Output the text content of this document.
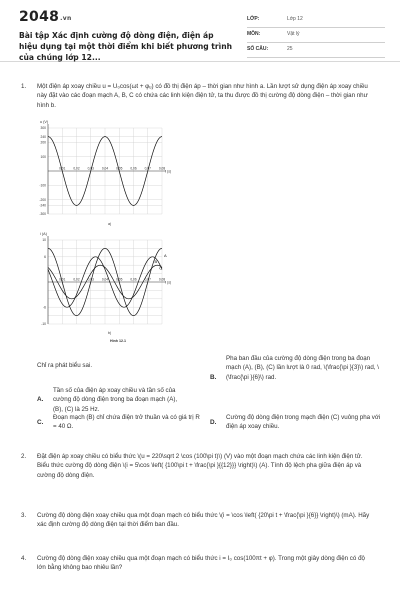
2048.vn
Bài tập Xác định cường độ dòng điện, điện áp hiệu dụng tại một thời điểm khi biết phương trình của chúng lớp 12...
LỚP:	Lớp 12
MÔN:	Vật lý
SỐ CÂU:	25
1. Một điện áp xoay chiều u = U₀cos(ωt + φᵤ) có đồ thị điện áp – thời gian như hình a. Lần lượt sử dụng điện áp xoay chiều này đặt vào các đoạn mạch A, B, C có chứa các linh kiện điện tử, ta thu được đồ thị cường độ dòng điện – thời gian như hình b.
u (V)
t (s)
300
240
200
100
-100
-200
-240
-300
0,01	0,02	0,03	0,04	0,05	0,06	0,07	0,08
a)
i (A)
t (s)
10
6
-6
-10
0,01	0,02	0,03	0,04	0,05	0,06	0,07	0,08
A
B
C
b)
Hình 12.1
Chỉ ra phát biểu sai.
B.
Pha ban đầu của cường độ dòng điện trong ba đoạn mạch (A), (B), (C) lần lượt là 0 rad, \(\frac{\pi }{3}\) rad, \(\frac{\pi }{6}\) rad.
A.
Tần số của điện áp xoay chiều và tần số của cường độ dòng điện trong ba đoạn mạch (A), (B), (C) là 25 Hz.
C.
Đoạn mạch (B) chỉ chứa điện trở thuần và có giá trị R = 40 Ω.
D.
Cường độ dòng điện trong mạch điện (C) vuông pha với điện áp xoay chiều.
2. Đặt điện áp xoay chiều có biểu thức \(u = 220\sqrt 2 \cos (100\pi t)\) (V) vào một đoạn mạch chứa các linh kiện điện tử. Biểu thức cường độ dòng điện \(i = 5\cos \left( {100\pi t + \frac{\pi }{{12}}} \right)\) (A). Tính độ lệch pha giữa điện áp và cường độ dòng điện.
3. Cường độ dòng điện xoay chiều qua một đoạn mạch có biểu thức \(i = \cos \left( {20\pi t + \frac{\pi }{6}} \right)\) (mA). Hãy xác định cường độ dòng điện tại thời điểm ban đầu.
4. Cường độ dòng điện xoay chiều qua một đoạn mạch có biểu thức i = I₀ cos(100πt + φ). Trong một giây dòng điện có độ lớn bằng không bao nhiêu lần?
